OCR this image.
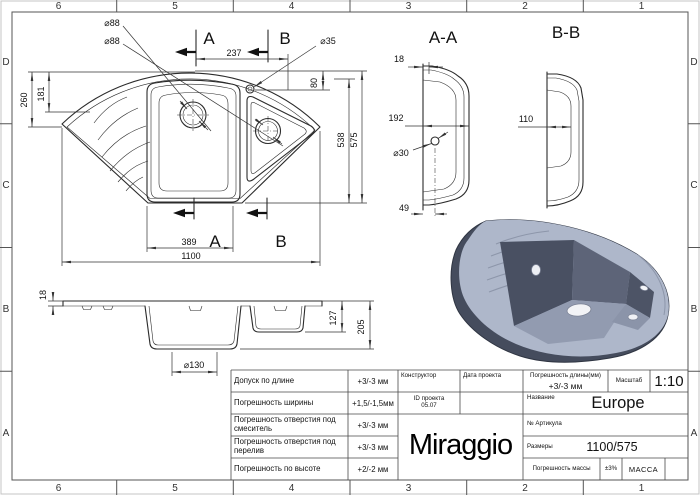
⌀88
⌀88	⌀35
260 181
237
80
538 575
389
1100
A	B
A	B
A-A
18
192
⌀30
49
B-B
110
18
127
205
⌀130
6	5	4	3	2	1
6	5	4	3	2	1
D
C
B
A
D
C
B
A
Допуск по длине	+3/-3 мм
Погрешность ширины	+1,5/-1,5мм
Погрешность отверстия под смеситель	+3/-3 мм
Погрешность отверстия под перелив	+3/-3 мм
Погрешность по высоте	+2/-2 мм
Конструктор	Дата проекта
ID проекта
05.07
Miraggio
Погрешность длины(мм)
+3/-3 мм
Масштаб 1:10
Название	Europe
№ Артикула
Размеры	1100/575
Погрешность массы	±3%	МАССА
